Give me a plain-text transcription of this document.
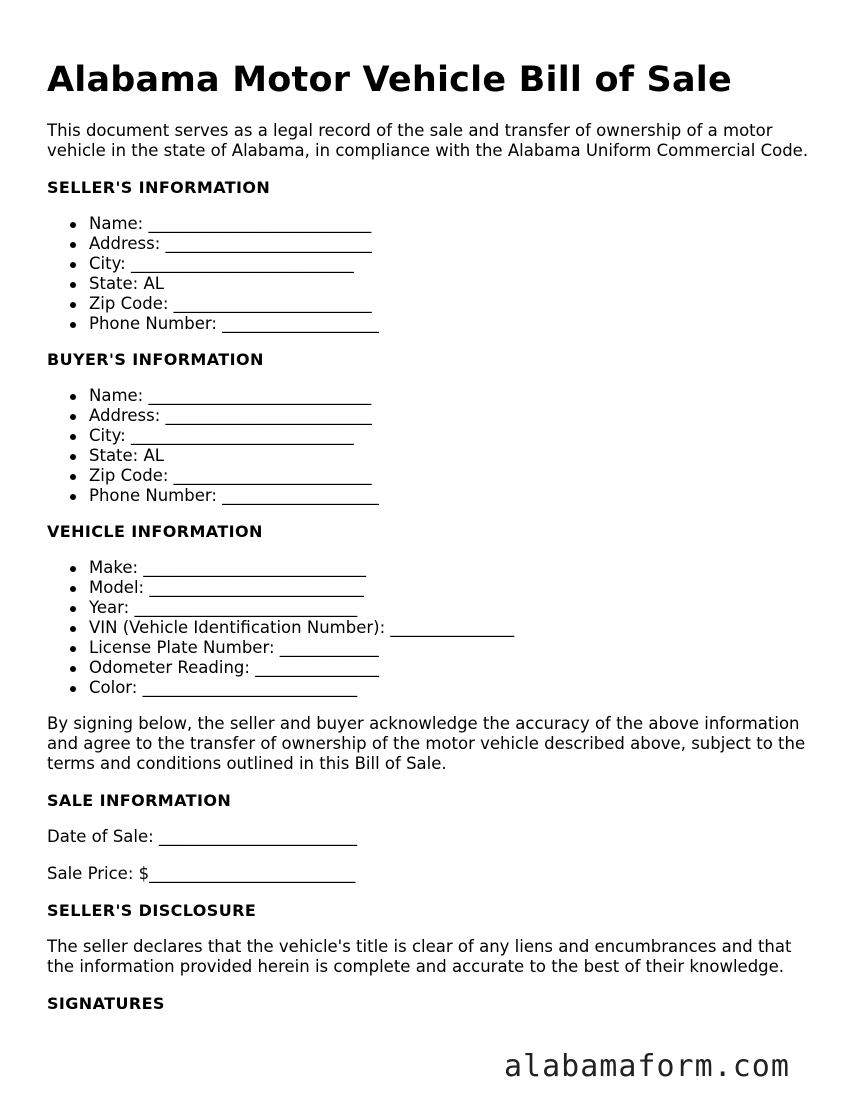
Alabama Motor Vehicle Bill of Sale

This document serves as a legal record of the sale and transfer of ownership of a motor vehicle in the state of Alabama, in compliance with the Alabama Uniform Commercial Code.

SELLER'S INFORMATION
Name: ___________________________
Address: _________________________
City: ___________________________
State: AL
Zip Code: ________________________
Phone Number: ___________________
BUYER'S INFORMATION
Name: ___________________________
Address: _________________________
City: ___________________________
State: AL
Zip Code: ________________________
Phone Number: ___________________
VEHICLE INFORMATION
Make: ___________________________
Model: __________________________
Year: ___________________________
VIN (Vehicle Identification Number): _______________
License Plate Number: ____________
Odometer Reading: _______________
Color: __________________________

By signing below, the seller and buyer acknowledge the accuracy of the above information and agree to the transfer of ownership of the motor vehicle described above, subject to the terms and conditions outlined in this Bill of Sale.

SALE INFORMATION
Date of Sale: ________________________
Sale Price: $_________________________
SELLER'S DISCLOSURE

The seller declares that the vehicle's title is clear of any liens and encumbrances and that the information provided herein is complete and accurate to the best of their knowledge.

SIGNATURES
alabamaform.com
